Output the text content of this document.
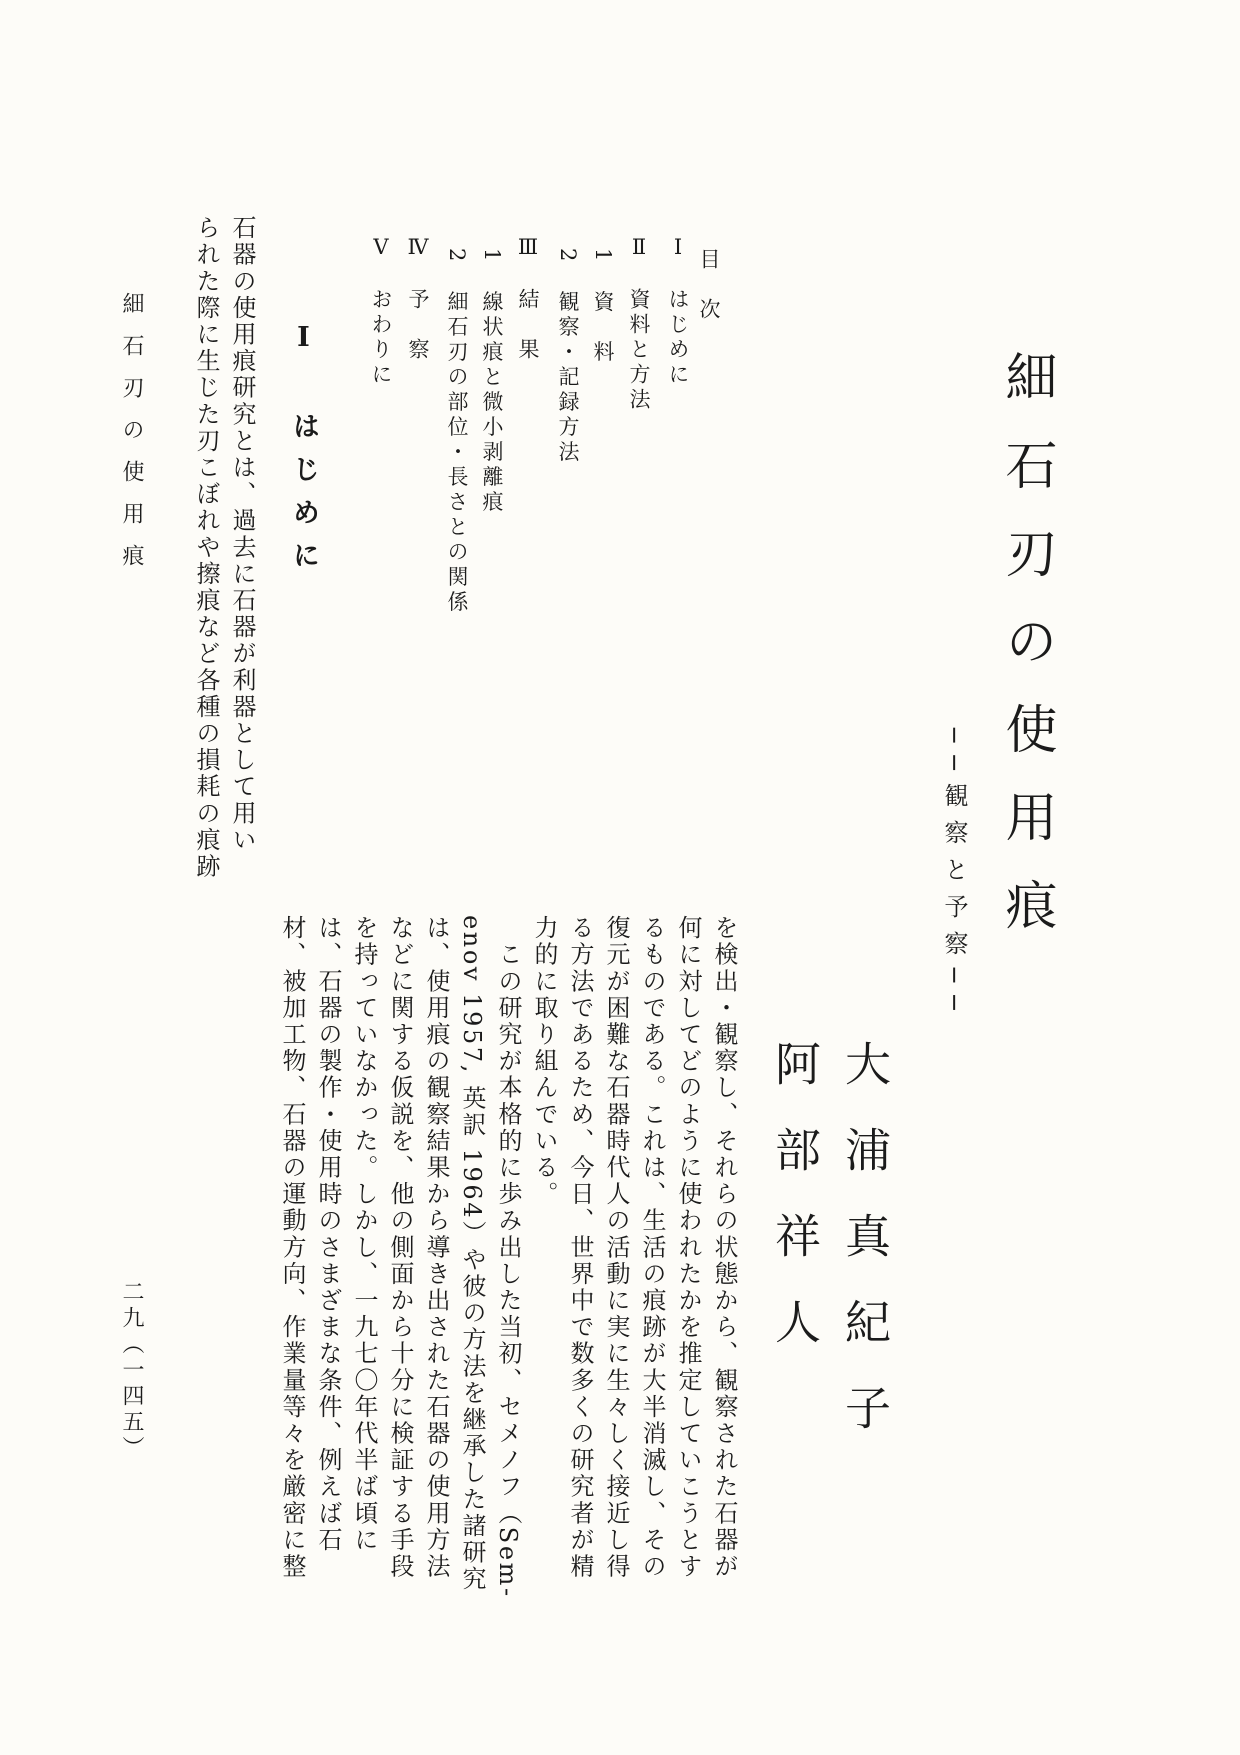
細石刃の使用痕
──観察と予察──
大浦真紀子
阿部祥人
目　次
Ⅰ　はじめに
Ⅱ　資料と方法
1　資　料
2　観察・記録方法
Ⅲ　結　果
1　線状痕と微小剥離痕
2　細石刃の部位・長さとの関係
Ⅳ　予　察
Ⅴ　おわりに
Ⅰ　はじめに
を検出・観察し、それらの状態から、観察された石器が
何に対してどのように使われたかを推定していこうとす
るものである。これは、生活の痕跡が大半消滅し、その
復元が困難な石器時代人の活動に実に生々しく接近し得
る方法であるため、今日、世界中で数多くの研究者が精
力的に取り組んでいる。
　この研究が本格的に歩み出した当初、セメノフ（Sem-
enov 1957, 英訳 1964）や彼の方法を継承した諸研究
は、使用痕の観察結果から導き出された石器の使用方法
などに関する仮説を、他の側面から十分に検証する手段
を持っていなかった。しかし、一九七〇年代半ば頃に
は、石器の製作・使用時のさまざまな条件、例えば石
材、被加工物、石器の運動方向、作業量等々を厳密に整
石器の使用痕研究とは、過去に石器が利器として用い
られた際に生じた刃こぼれや擦痕など各種の損耗の痕跡
細石刃の使用痕
二九（一四五）
